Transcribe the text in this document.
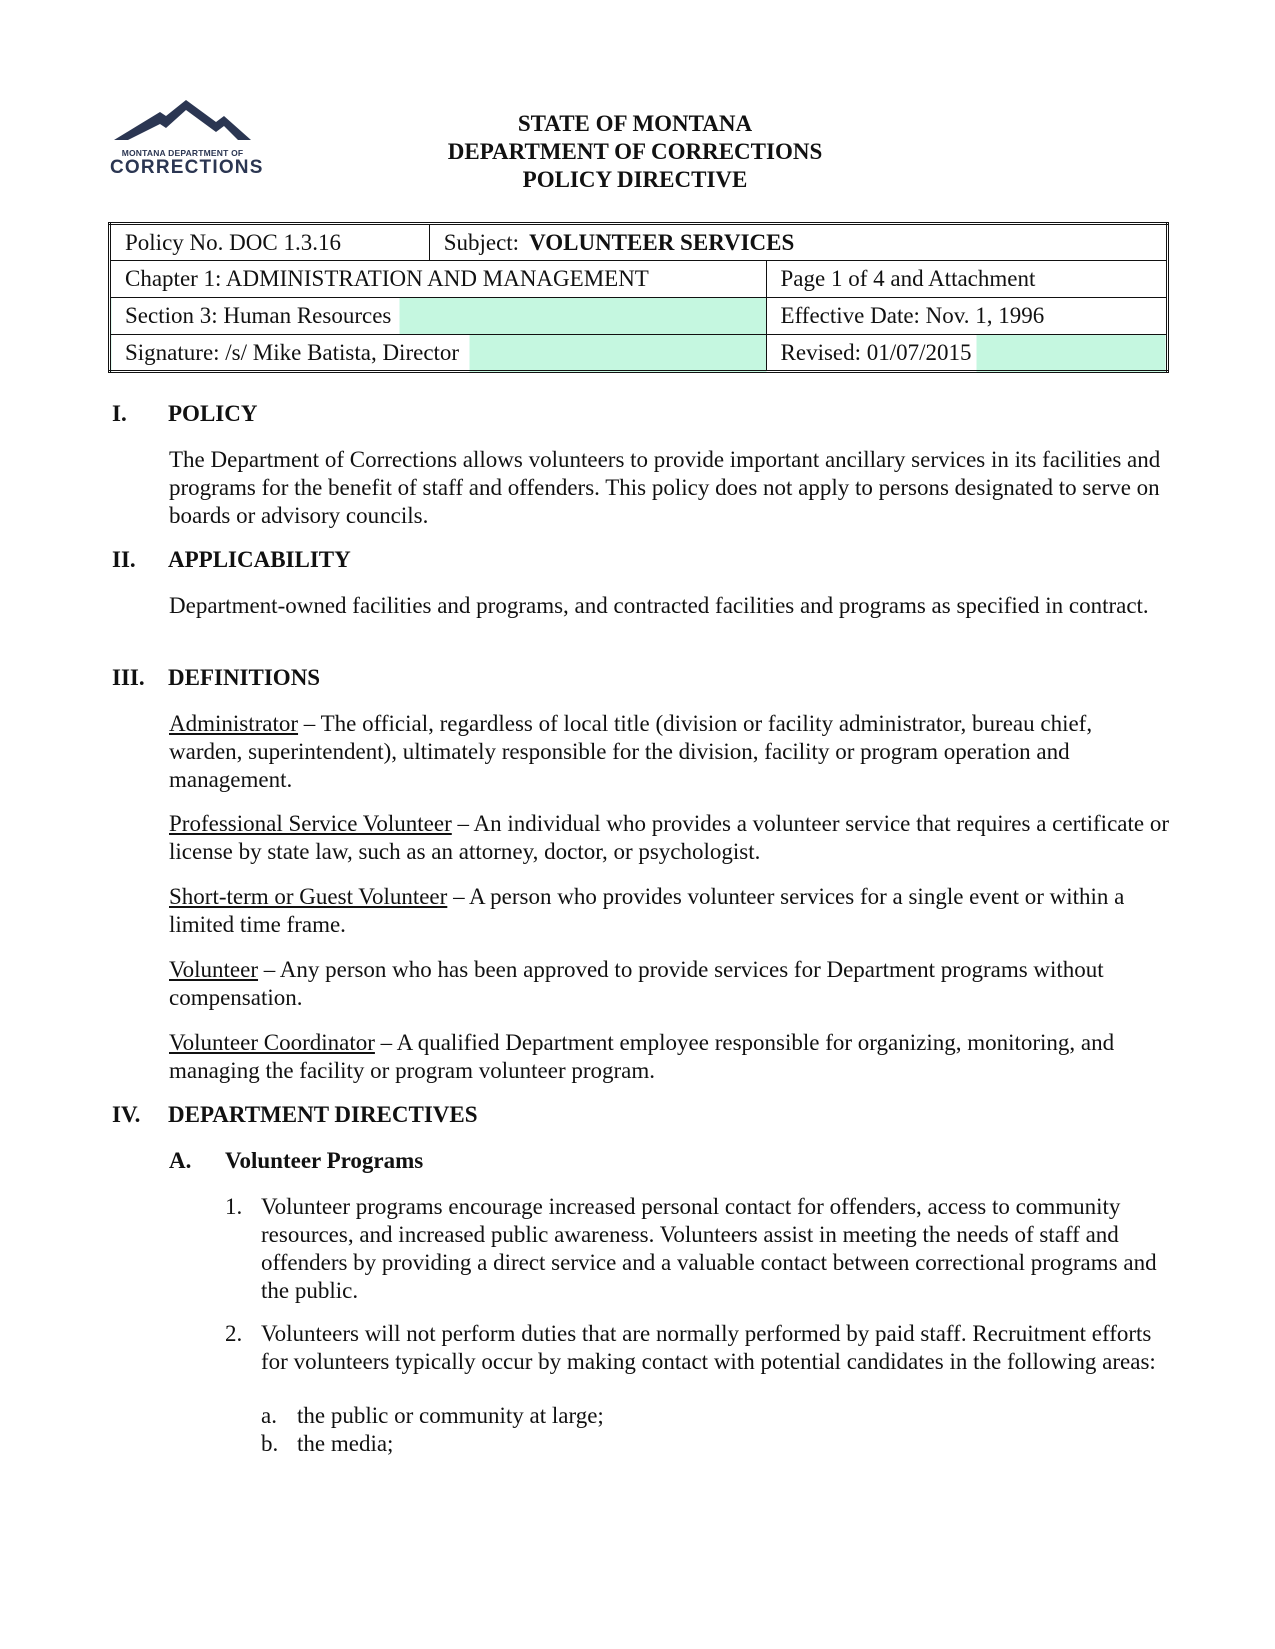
MONTANA DEPARTMENT OF
CORRECTIONS
STATE OF MONTANA
DEPARTMENT OF CORRECTIONS
POLICY DIRECTIVE
Policy No. DOC 1.3.16	Subject: VOLUNTEER SERVICES	
Chapter 1: ADMINISTRATION AND MANAGEMENT		Page 1 of 4 and Attachment
Section 3: Human Resources		Effective Date: Nov. 1, 1996
Signature: /s/ Mike Batista, Director		Revised: 01/07/2015
I. POLICY
The Department of Corrections allows volunteers to provide important ancillary services in its facilities and programs for the benefit of staff and offenders. This policy does not apply to persons designated to serve on boards or advisory councils.
II. APPLICABILITY
Department-owned facilities and programs, and contracted facilities and programs as specified in contract.
III. DEFINITIONS
Administrator – The official, regardless of local title (division or facility administrator, bureau chief, warden, superintendent), ultimately responsible for the division, facility or program operation and management.
Professional Service Volunteer – An individual who provides a volunteer service that requires a certificate or license by state law, such as an attorney, doctor, or psychologist.
Short-term or Guest Volunteer – A person who provides volunteer services for a single event or within a limited time frame.
Volunteer – Any person who has been approved to provide services for Department programs without compensation.
Volunteer Coordinator – A qualified Department employee responsible for organizing, monitoring, and managing the facility or program volunteer program.
IV. DEPARTMENT DIRECTIVES
A. Volunteer Programs
1. Volunteer programs encourage increased personal contact for offenders, access to community resources, and increased public awareness. Volunteers assist in meeting the needs of staff and offenders by providing a direct service and a valuable contact between correctional programs and the public.
2. Volunteers will not perform duties that are normally performed by paid staff. Recruitment efforts for volunteers typically occur by making contact with potential candidates in the following areas:
a. the public or community at large;
b. the media;
